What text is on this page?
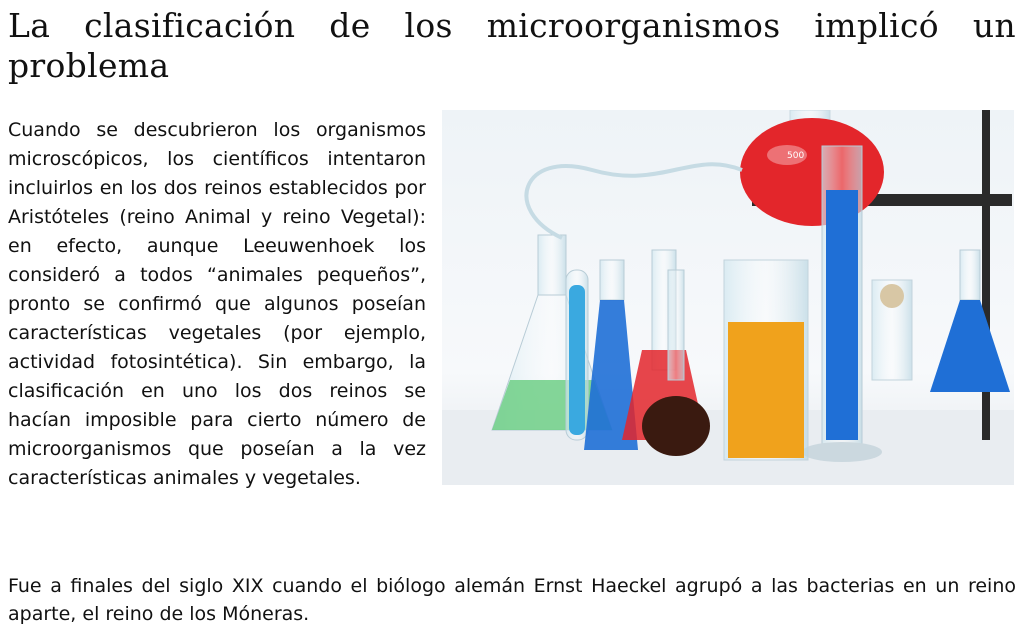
La clasificación de los microorganismos implicó un problema

Cuando se descubrieron los organismos microscópicos, los científicos intentaron incluirlos en los dos reinos establecidos por Aristóteles (reino Animal y reino Vegetal): en efecto, aunque Leeuwenhoek los consideró a todos “animales pequeños”, pronto se confirmó que algunos poseían características vegetales (por ejemplo, actividad fotosintética). Sin embargo, la clasificación en uno los dos reinos se hacían imposible para cierto número de microorganismos que poseían a la vez características animales y vegetales.

500

Fue a finales del siglo XIX cuando el biólogo alemán Ernst Haeckel agrupó a las bacterias en un reino aparte, el reino de los Móneras.
